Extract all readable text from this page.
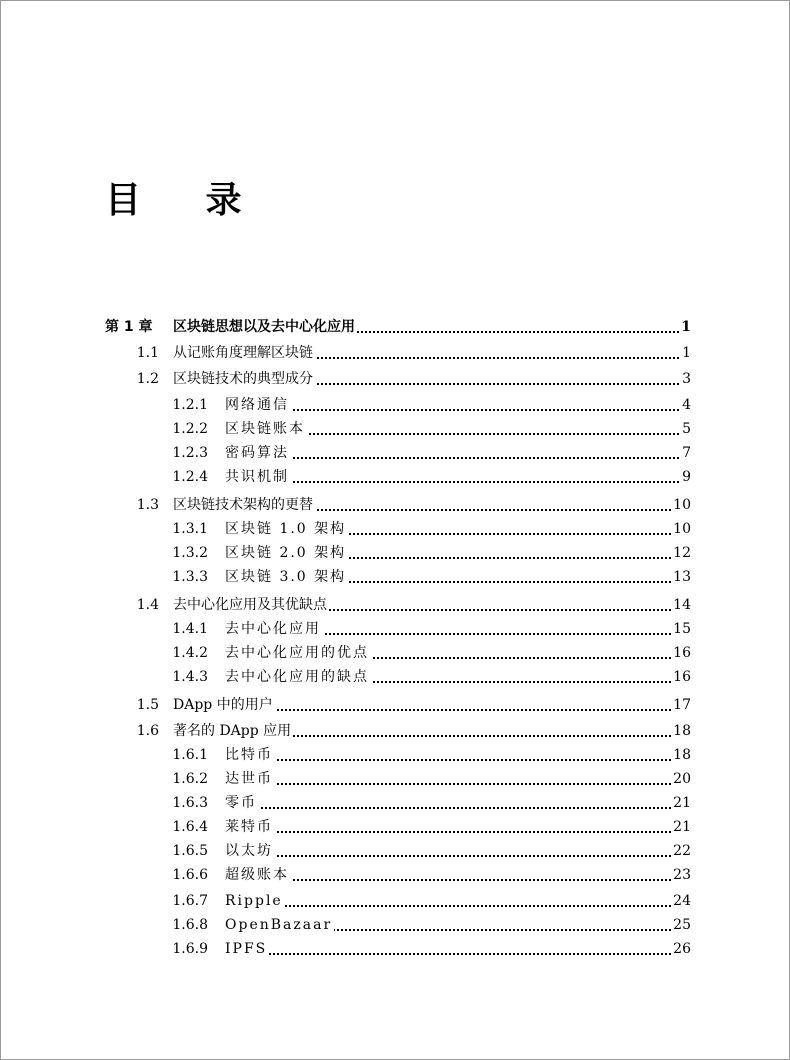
目 录
第 1 章	区块链思想以及去中心化应用	1
1.1 从记账角度理解区块链	1
1.2 区块链技术的典型成分	3
1.2.1 网络通信	4
1.2.2 区块链账本	5
1.2.3 密码算法	7
1.2.4 共识机制	9
1.3 区块链技术架构的更替	10
1.3.1 区块链 1.0 架构	10
1.3.2 区块链 2.0 架构	12
1.3.3 区块链 3.0 架构	13
1.4 去中心化应用及其优缺点	14
1.4.1 去中心化应用	15
1.4.2 去中心化应用的优点	16
1.4.3 去中心化应用的缺点	16
1.5 DApp 中的用户	17
1.6 著名的 DApp 应用	18
1.6.1 比特币	18
1.6.2 达世币	20
1.6.3 零币	21
1.6.4 莱特币	21
1.6.5 以太坊	22
1.6.6 超级账本	23
1.6.7 Ripple	24
1.6.8 OpenBazaar	25
1.6.9 IPFS	26
